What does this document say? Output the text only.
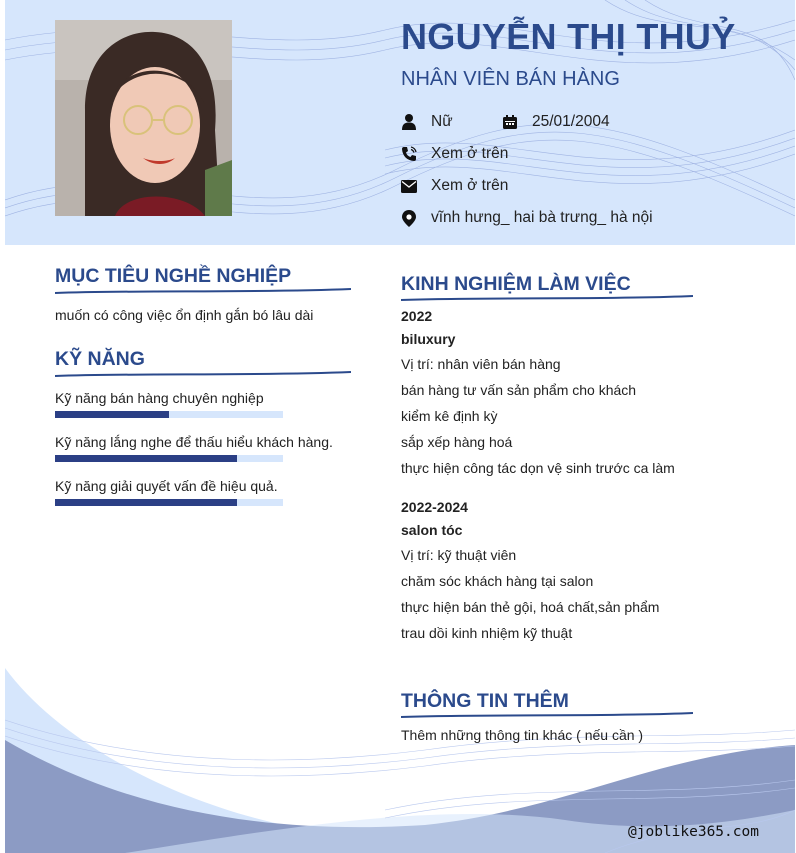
NGUYỄN THỊ THUỶ
NHÂN VIÊN BÁN HÀNG
Nữ	25/01/2004
Xem ở trên
Xem ở trên
vĩnh hưng_ hai bà trưng_ hà nội
MỤC TIÊU NGHỀ NGHIỆP
muốn có công việc ổn định gắn bó lâu dài
KỸ NĂNG
Kỹ năng bán hàng chuyên nghiệp
Kỹ năng lắng nghe để thấu hiểu khách hàng.
Kỹ năng giải quyết vấn đề hiệu quả.
KINH NGHIỆM LÀM VIỆC
2022
biluxury
Vị trí: nhân viên bán hàng
bán hàng tư vấn sản phẩm cho khách
kiểm kê định kỳ
sắp xếp hàng hoá
thực hiện công tác dọn vệ sinh trước ca làm
2022-2024
salon tóc
Vị trí: kỹ thuật viên
chăm sóc khách hàng tại salon
thực hiện bán thẻ gội, hoá chất,sản phẩm
trau dồi kinh nhiệm kỹ thuật
THÔNG TIN THÊM
Thêm những thông tin khác ( nếu cần )
@joblike365.com
